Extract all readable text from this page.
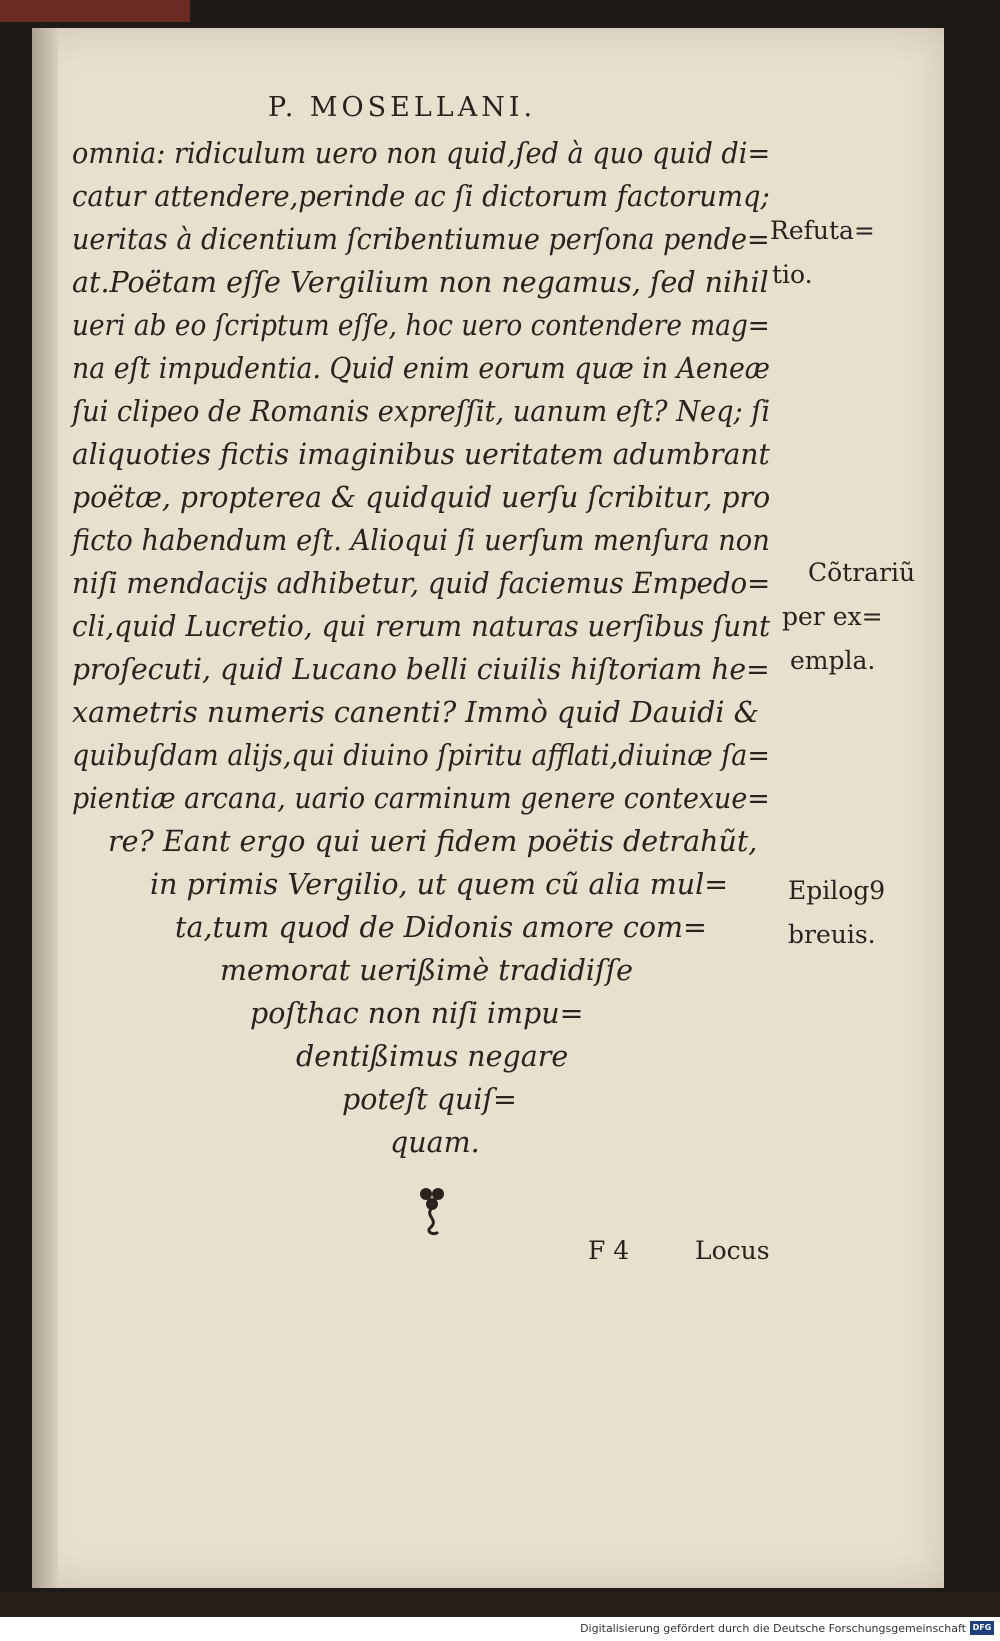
P. MOSELLANI.
omnia: ridiculum uero non quid,ſed à quo quid di=
catur attendere,perinde ac ſi dictorum factorumq;
ueritas à dicentium ſcribentiumue perſona pende=
at.Poëtam eſſe Vergilium non negamus, ſed nihil
ueri ab eo ſcriptum eſſe, hoc uero contendere mag=
na eſt impudentia. Quid enim eorum quæ in Aeneæ
ſui clipeo de Romanis expreſſit, uanum eſt? Neq; ſi
aliquoties fictis imaginibus ueritatem adumbrant
poëtæ, propterea & quidquid uerſu ſcribitur, pro
ficto habendum eſt. Alioqui ſi uerſum menſura non
niſi mendacijs adhibetur, quid faciemus Empedo=
cli,quid Lucretio, qui rerum naturas uerſibus ſunt
proſecuti, quid Lucano belli ciuilis hiſtoriam he=
xametris numeris canenti? Immò quid Dauidi &
quibuſdam alijs,qui diuino ſpiritu afflati,diuinæ ſa=
pientiæ arcana, uario carminum genere contexue=
re? Eant ergo qui ueri fidem poëtis detrahũt,
in primis Vergilio, ut quem cũ alia mul=
ta,tum quod de Didonis amore com=
memorat uerißimè tradidiſſe
poſthac non niſi impu=
dentißimus negare
poteſt quiſ=
quam.
Refuta=
tio.
Cõtrariũ
per ex=
empla.
Epilog9
breuis.
F 4	Locus
Digitalisierung gefördert durch die Deutsche Forschungsgemeinschaft DFG
